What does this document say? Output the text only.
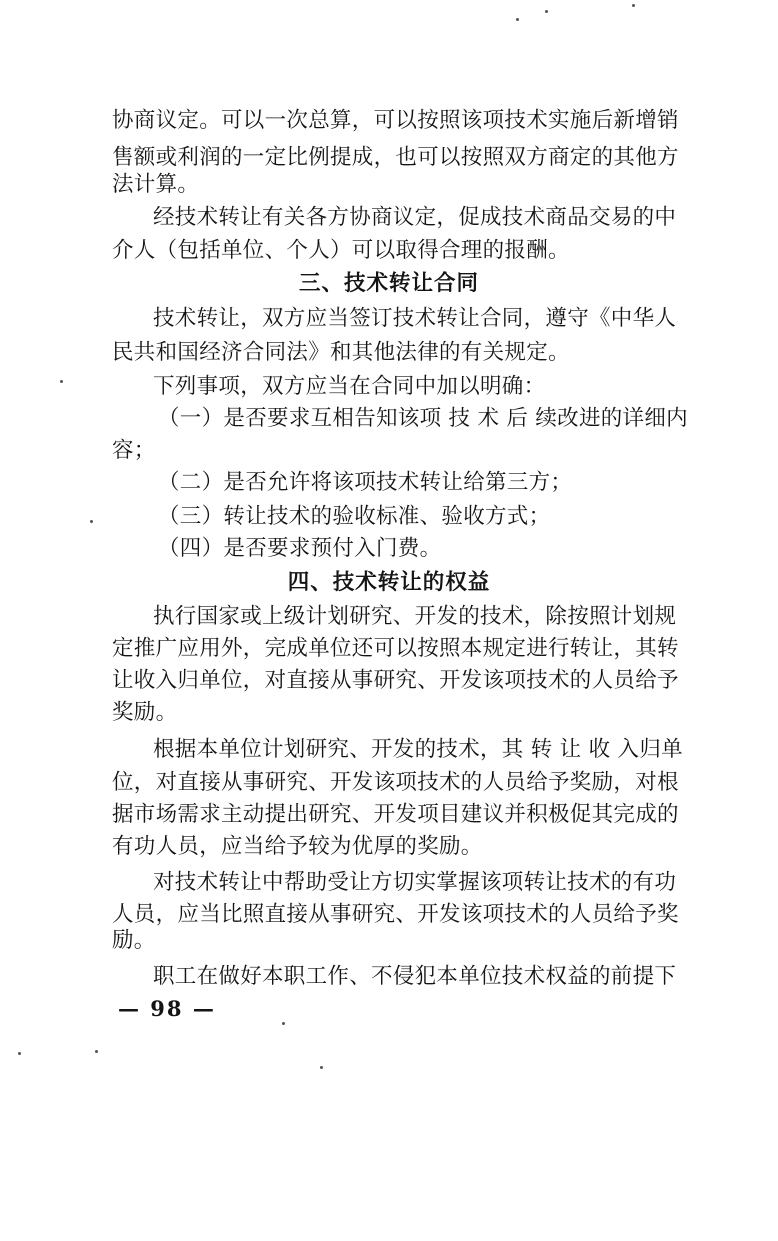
协商议定。可以一次总算，可以按照该项技术实施后新增销
售额或利润的一定比例提成，也可以按照双方商定的其他方
法计算。
经技术转让有关各方协商议定，促成技术商品交易的中
介人（包括单位、个人）可以取得合理的报酬。
三、技术转让合同
技术转让，双方应当签订技术转让合同，遵守《中华人
民共和国经济合同法》和其他法律的有关规定。
下列事项，双方应当在合同中加以明确：
（一）是否要求互相告知该项 技 术 后 续改进的详细内
容；
（二）是否允许将该项技术转让给第三方；
（三）转让技术的验收标准、验收方式；
（四）是否要求预付入门费。
四、技术转让的权益
执行国家或上级计划研究、开发的技术，除按照计划规
定推广应用外，完成单位还可以按照本规定进行转让，其转
让收入归单位，对直接从事研究、开发该项技术的人员给予
奖励。
根据本单位计划研究、开发的技术，其 转 让 收 入归单
位，对直接从事研究、开发该项技术的人员给予奖励，对根
据市场需求主动提出研究、开发项目建议并积极促其完成的
有功人员，应当给予较为优厚的奖励。
对技术转让中帮助受让方切实掌握该项转让技术的有功
人员，应当比照直接从事研究、开发该项技术的人员给予奖
励。
职工在做好本职工作、不侵犯本单位技术权益的前提下
— 98 —
